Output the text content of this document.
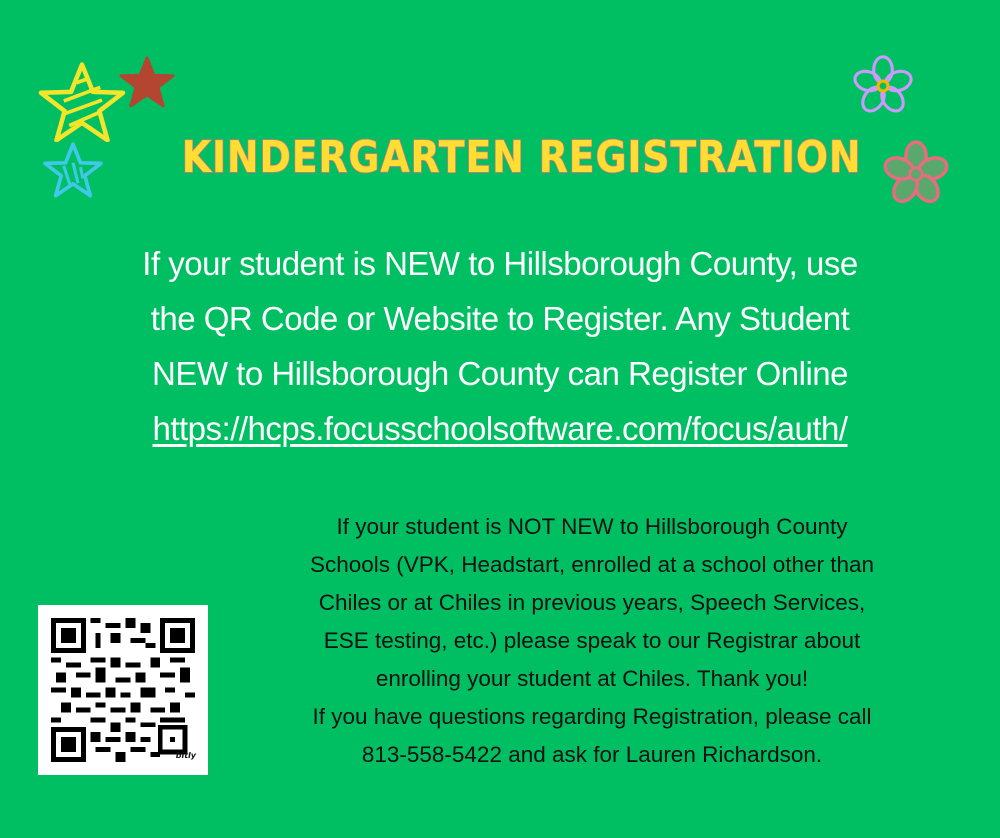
KINDERGARTEN REGISTRATION
If your student is NEW to Hillsborough County, use
the QR Code or Website to Register. Any Student
NEW to Hillsborough County can Register Online
https://hcps.focusschoolsoftware.com/focus/auth/
If your student is NOT NEW to Hillsborough County
Schools (VPK, Headstart, enrolled at a school other than
Chiles or at Chiles in previous years, Speech Services,
ESE testing, etc.) please speak to our Registrar about
enrolling your student at Chiles. Thank you!
If you have questions regarding Registration, please call
813-558-5422 and ask for Lauren Richardson.
bitly
